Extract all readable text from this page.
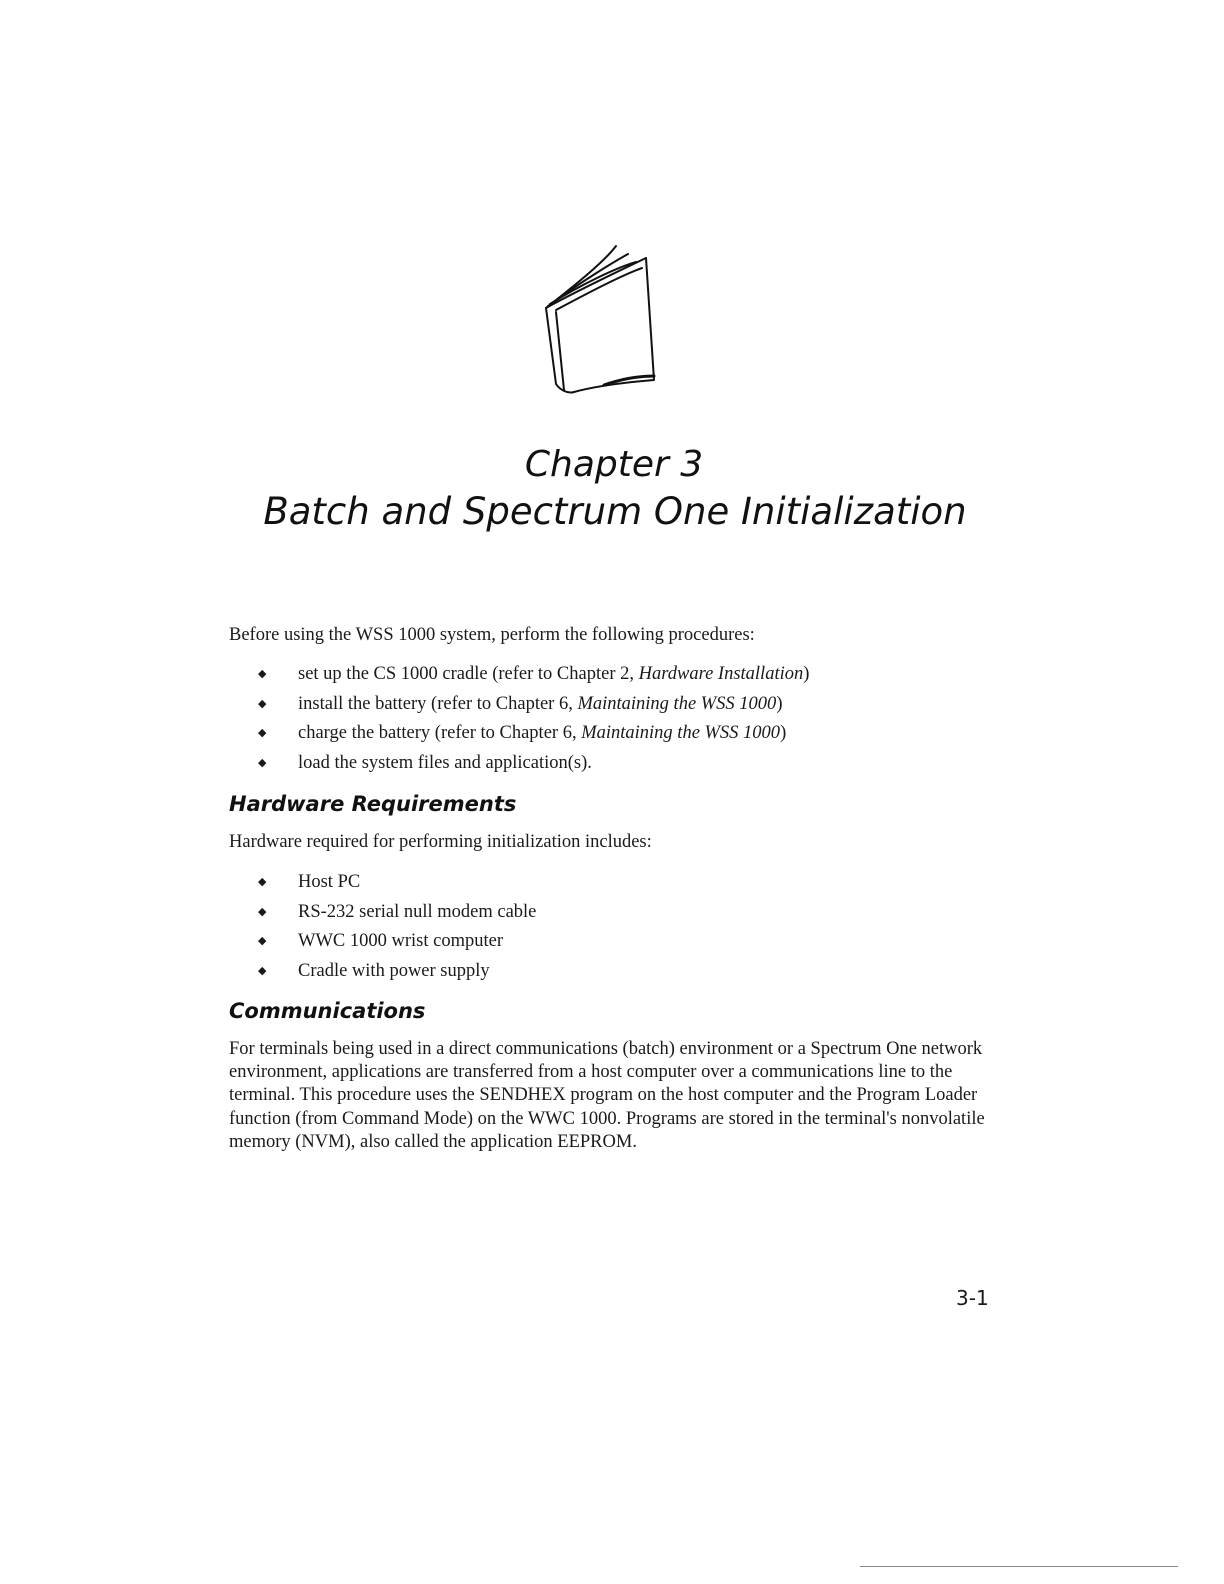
Chapter 3
Batch and Spectrum One Initialization

Before using the WSS 1000 system, perform the following procedures:

◆ set up the CS 1000 cradle (refer to Chapter 2, Hardware Installation)
◆ install the battery (refer to Chapter 6, Maintaining the WSS 1000)
◆ charge the battery (refer to Chapter 6, Maintaining the WSS 1000)
◆ load the system files and application(s).
Hardware Requirements

Hardware required for performing initialization includes:

◆ Host PC
◆ RS-232 serial null modem cable
◆ WWC 1000 wrist computer
◆ Cradle with power supply
Communications

For terminals being used in a direct communications (batch) environment or a Spectrum One network environment, applications are transferred from a host computer over a communications line to the terminal. This procedure uses the SENDHEX program on the host computer and the Program Loader function (from Command Mode) on the WWC 1000. Programs are stored in the terminal's nonvolatile memory (NVM), also called the application EEPROM.

3-1
